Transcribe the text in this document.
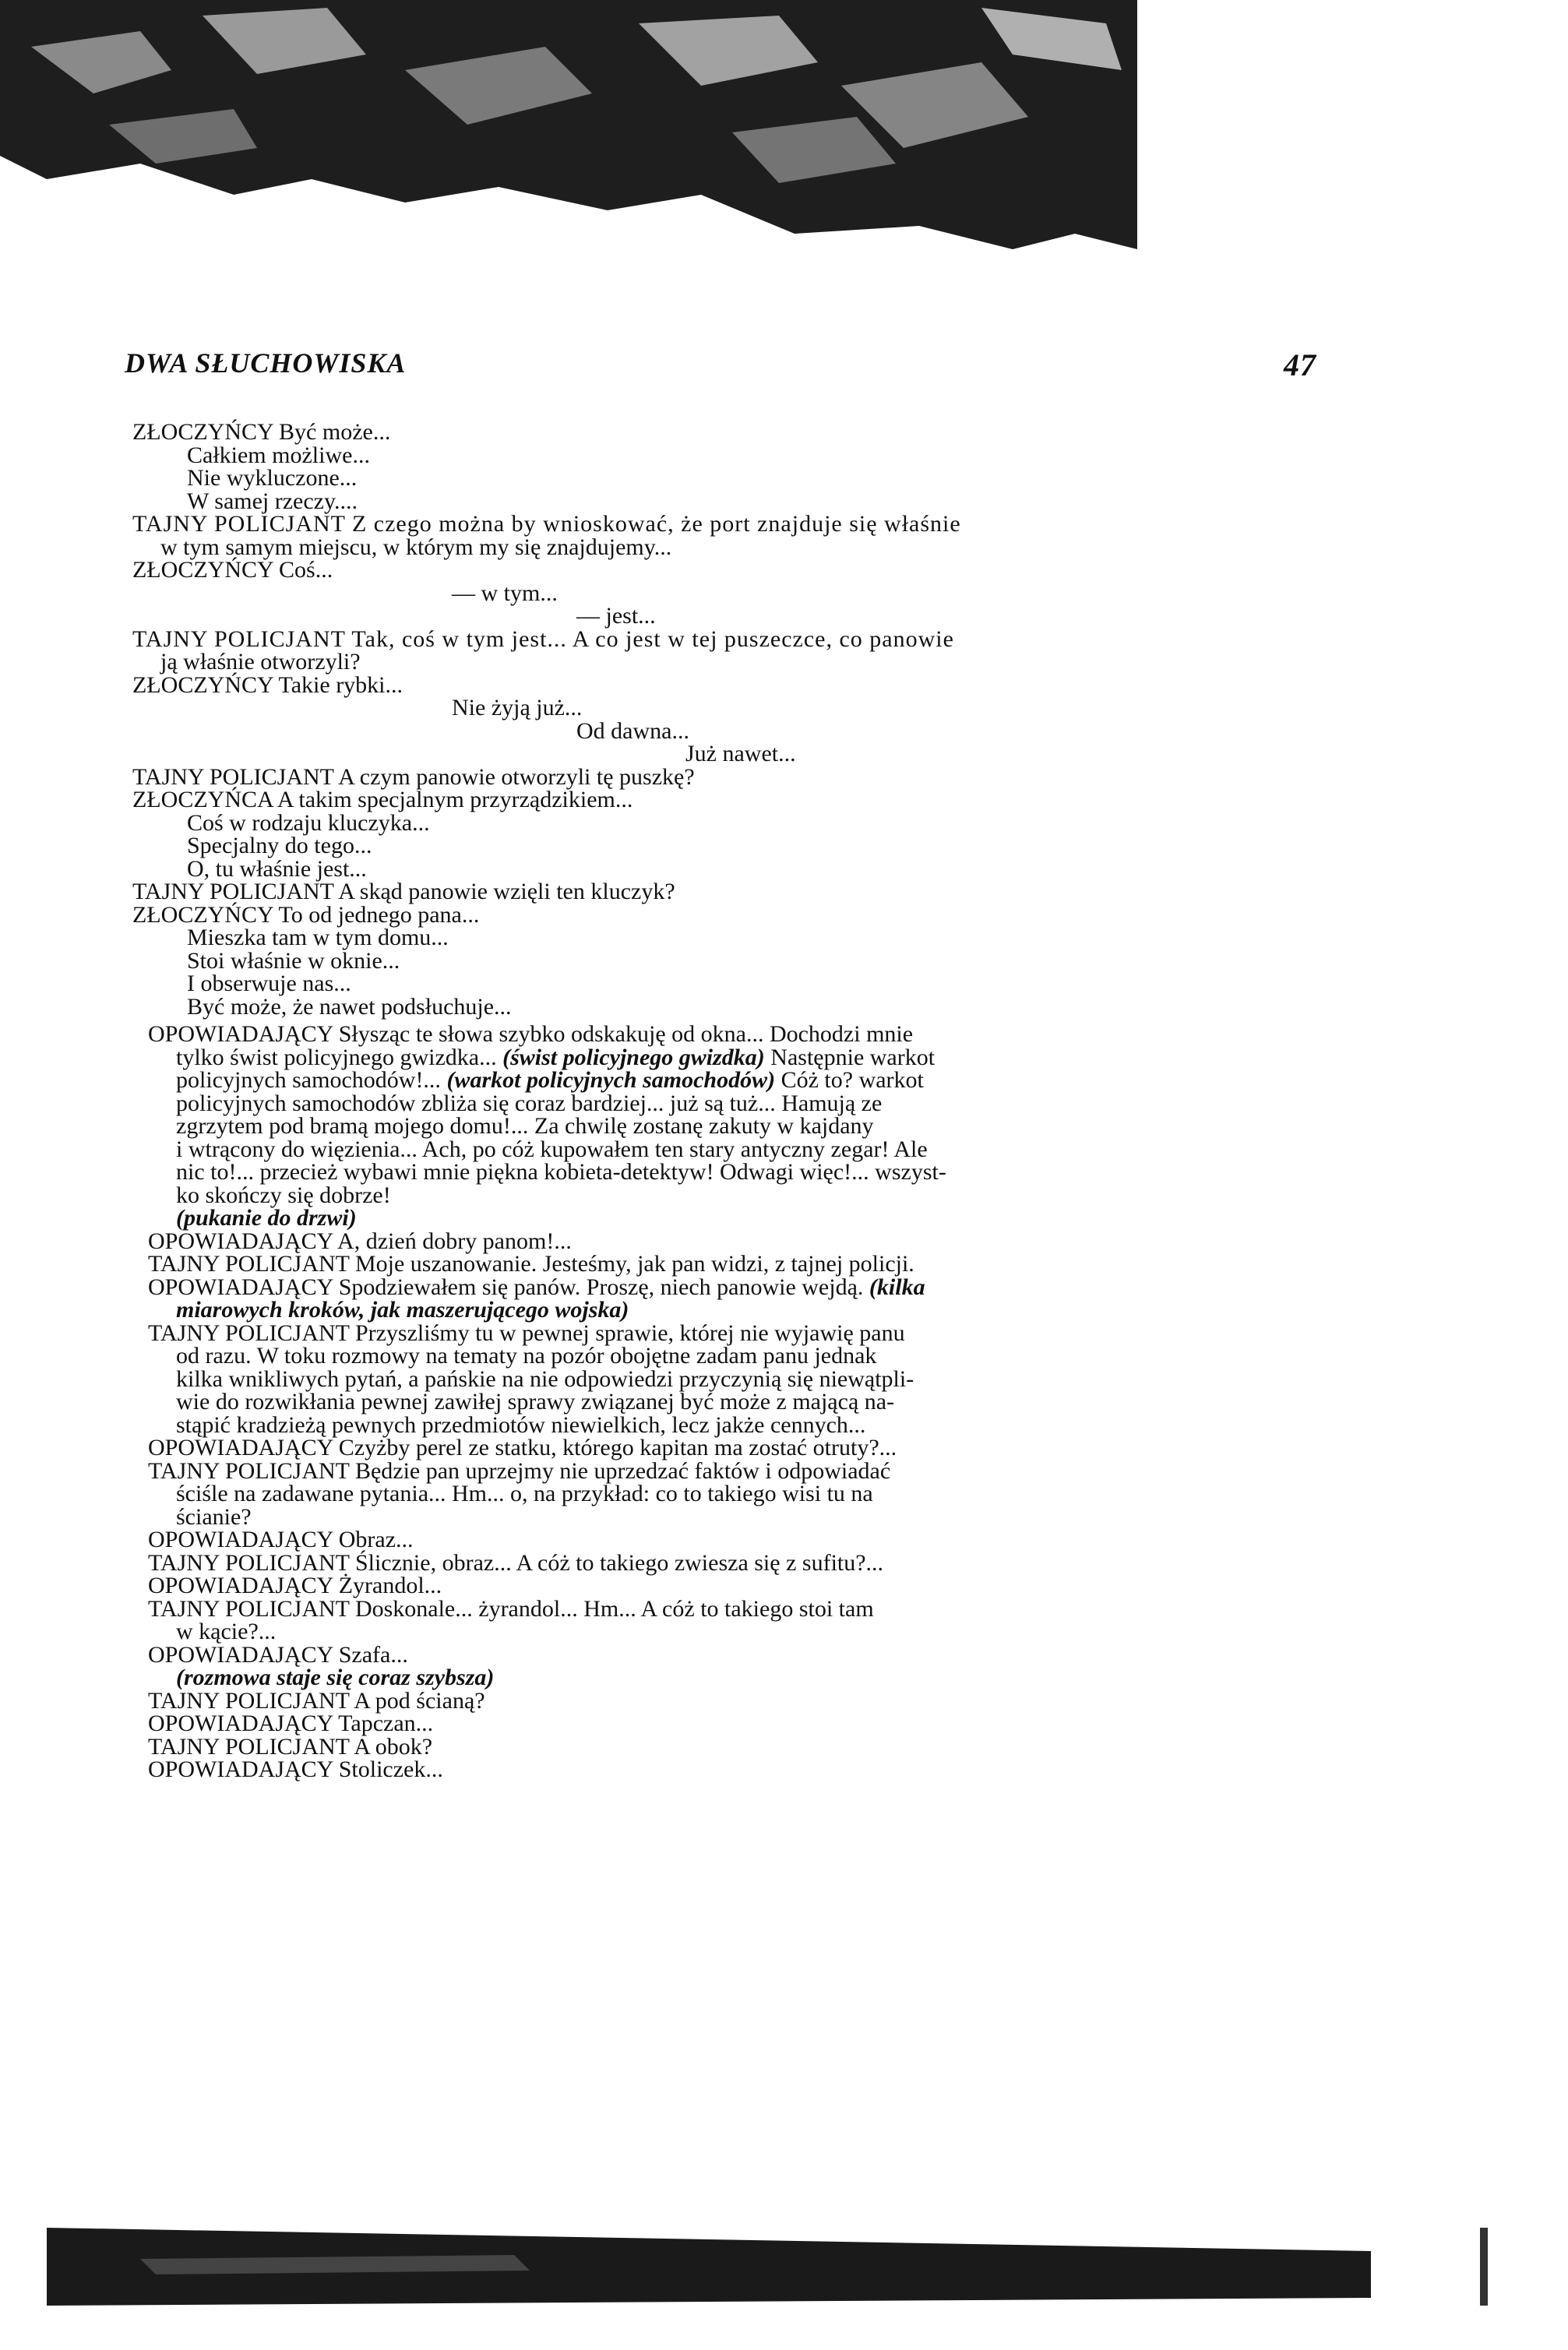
DWA SŁUCHOWISKA	47
ZŁOCZYŃCY Być może...
Całkiem możliwe...
Nie wykluczone...
W samej rzeczy....
TAJNY POLICJANT Z czego można by wnioskować, że port znajduje się właśnie
w tym samym miejscu, w którym my się znajdujemy...
ZŁOCZYŃCY Coś...
— w tym...
— jest...
TAJNY POLICJANT Tak, coś w tym jest... A co jest w tej puszeczce, co panowie
ją właśnie otworzyli?
ZŁOCZYŃCY Takie rybki...
Nie żyją już...
Od dawna...
Już nawet...
TAJNY POLICJANT A czym panowie otworzyli tę puszkę?
ZŁOCZYŃCA A takim specjalnym przyrządzikiem...
Coś w rodzaju kluczyka...
Specjalny do tego...
O, tu właśnie jest...
TAJNY POLICJANT A skąd panowie wzięli ten kluczyk?
ZŁOCZYŃCY To od jednego pana...
Mieszka tam w tym domu...
Stoi właśnie w oknie...
I obserwuje nas...
Być może, że nawet podsłuchuje...
OPOWIADAJĄCY Słysząc te słowa szybko odskakuję od okna... Dochodzi mnie
tylko świst policyjnego gwizdka... (świst policyjnego gwizdka) Następnie warkot
policyjnych samochodów!... (warkot policyjnych samochodów) Cóż to? warkot
policyjnych samochodów zbliża się coraz bardziej... już są tuż... Hamują ze
zgrzytem pod bramą mojego domu!... Za chwilę zostanę zakuty w kajdany
i wtrącony do więzienia... Ach, po cóż kupowałem ten stary antyczny zegar! Ale
nic to!... przecież wybawi mnie piękna kobieta-detektyw! Odwagi więc!... wszyst-
ko skończy się dobrze!
(pukanie do drzwi)
OPOWIADAJĄCY A, dzień dobry panom!...
TAJNY POLICJANT Moje uszanowanie. Jesteśmy, jak pan widzi, z tajnej policji.
OPOWIADAJĄCY Spodziewałem się panów. Proszę, niech panowie wejdą. (kilka
miarowych kroków, jak maszerującego wojska)
TAJNY POLICJANT Przyszliśmy tu w pewnej sprawie, której nie wyjawię panu
od razu. W toku rozmowy na tematy na pozór obojętne zadam panu jednak
kilka wnikliwych pytań, a pańskie na nie odpowiedzi przyczynią się niewątpli-
wie do rozwikłania pewnej zawiłej sprawy związanej być może z mającą na-
stąpić kradzieżą pewnych przedmiotów niewielkich, lecz jakże cennych...
OPOWIADAJĄCY Czyżby perel ze statku, którego kapitan ma zostać otruty?...
TAJNY POLICJANT Będzie pan uprzejmy nie uprzedzać faktów i odpowiadać
ściśle na zadawane pytania... Hm... o, na przykład: co to takiego wisi tu na
ścianie?
OPOWIADAJĄCY Obraz...
TAJNY POLICJANT Ślicznie, obraz... A cóż to takiego zwiesza się z sufitu?...
OPOWIADAJĄCY Żyrandol...
TAJNY POLICJANT Doskonale... żyrandol... Hm... A cóż to takiego stoi tam
w kącie?...
OPOWIADAJĄCY Szafa...
(rozmowa staje się coraz szybsza)
TAJNY POLICJANT A pod ścianą?
OPOWIADAJĄCY Tapczan...
TAJNY POLICJANT A obok?
OPOWIADAJĄCY Stoliczek...
